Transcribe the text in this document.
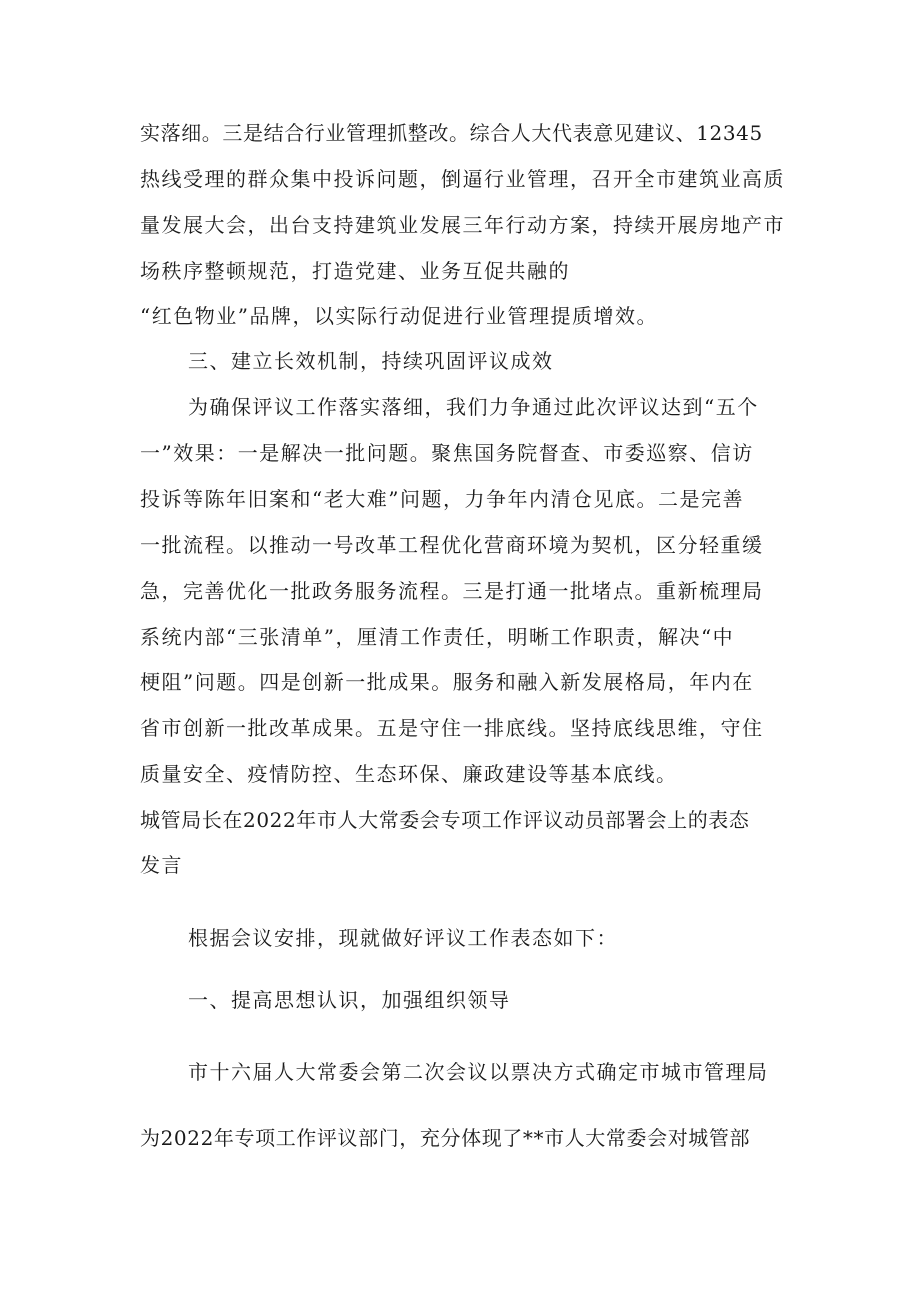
实落细。三是结合行业管理抓整改。综合人大代表意见建议、12345
热线受理的群众集中投诉问题，倒逼行业管理，召开全市建筑业高质
量发展大会，出台支持建筑业发展三年行动方案，持续开展房地产市
场秩序整顿规范，打造党建、业务互促共融的
“红色物业”品牌，以实际行动促进行业管理提质增效。
三、建立长效机制，持续巩固评议成效
为确保评议工作落实落细，我们力争通过此次评议达到“五个
一”效果：一是解决一批问题。聚焦国务院督查、市委巡察、信访
投诉等陈年旧案和“老大难”问题，力争年内清仓见底。二是完善
一批流程。以推动一号改革工程优化营商环境为契机，区分轻重缓
急，完善优化一批政务服务流程。三是打通一批堵点。重新梳理局
系统内部“三张清单”，厘清工作责任，明晰工作职责，解决“中
梗阻”问题。四是创新一批成果。服务和融入新发展格局，年内在
省市创新一批改革成果。五是守住一排底线。坚持底线思维，守住
质量安全、疫情防控、生态环保、廉政建设等基本底线。
城管局长在2022年市人大常委会专项工作评议动员部署会上的表态
发言
根据会议安排，现就做好评议工作表态如下：
一、提高思想认识，加强组织领导
市十六届人大常委会第二次会议以票决方式确定市城市管理局
为2022年专项工作评议部门，充分体现了**市人大常委会对城管部
